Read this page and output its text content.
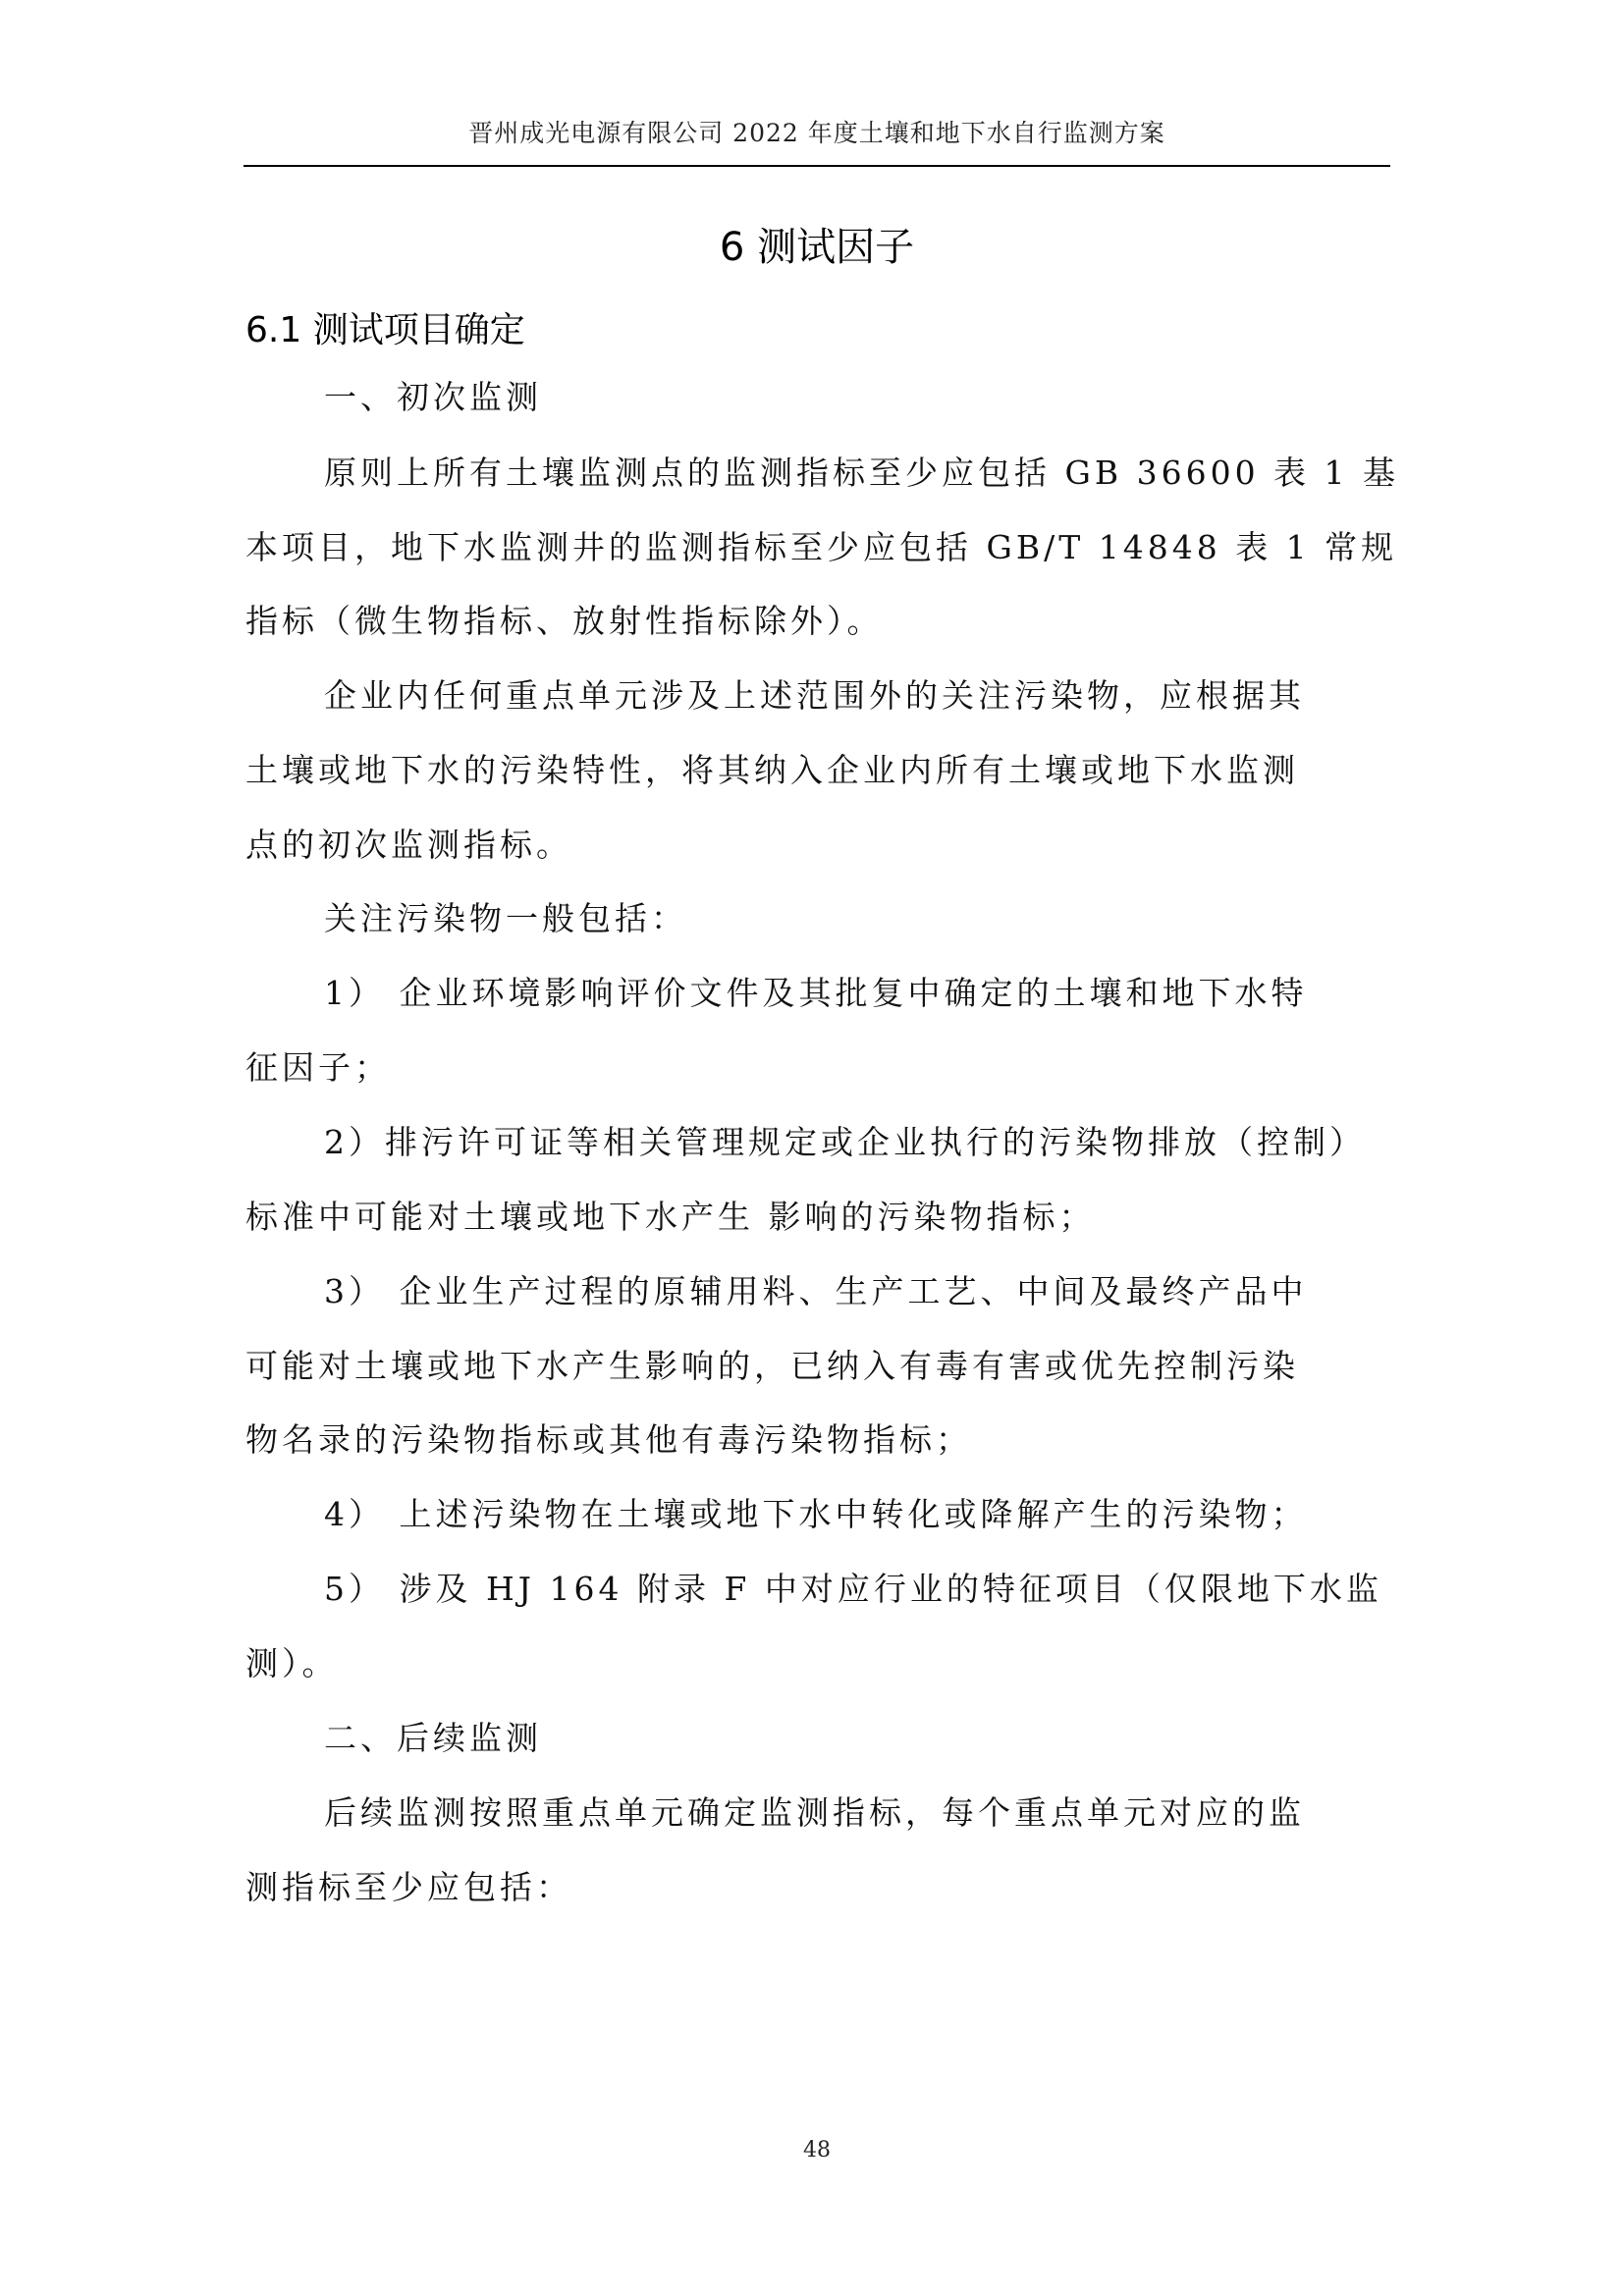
晋州成光电源有限公司 2022 年度土壤和地下水自行监测方案
6 测试因子
6.1 测试项目确定
一、初次监测
原则上所有土壤监测点的监测指标至少应包括 GB 36600 表 1 基
本项目，地下水监测井的监测指标至少应包括 GB/T 14848 表 1 常规
指标（微生物指标、放射性指标除外）。
企业内任何重点单元涉及上述范围外的关注污染物，应根据其
土壤或地下水的污染特性，将其纳入企业内所有土壤或地下水监测
点的初次监测指标。
关注污染物一般包括：
1） 企业环境影响评价文件及其批复中确定的土壤和地下水特
征因子；
2）排污许可证等相关管理规定或企业执行的污染物排放（控制）
标准中可能对土壤或地下水产生 影响的污染物指标；
3） 企业生产过程的原辅用料、生产工艺、中间及最终产品中
可能对土壤或地下水产生影响的，已纳入有毒有害或优先控制污染
物名录的污染物指标或其他有毒污染物指标；
4） 上述污染物在土壤或地下水中转化或降解产生的污染物；
5） 涉及 HJ 164 附录 F 中对应行业的特征项目（仅限地下水监
测）。
二、后续监测
后续监测按照重点单元确定监测指标，每个重点单元对应的监
测指标至少应包括：
48
